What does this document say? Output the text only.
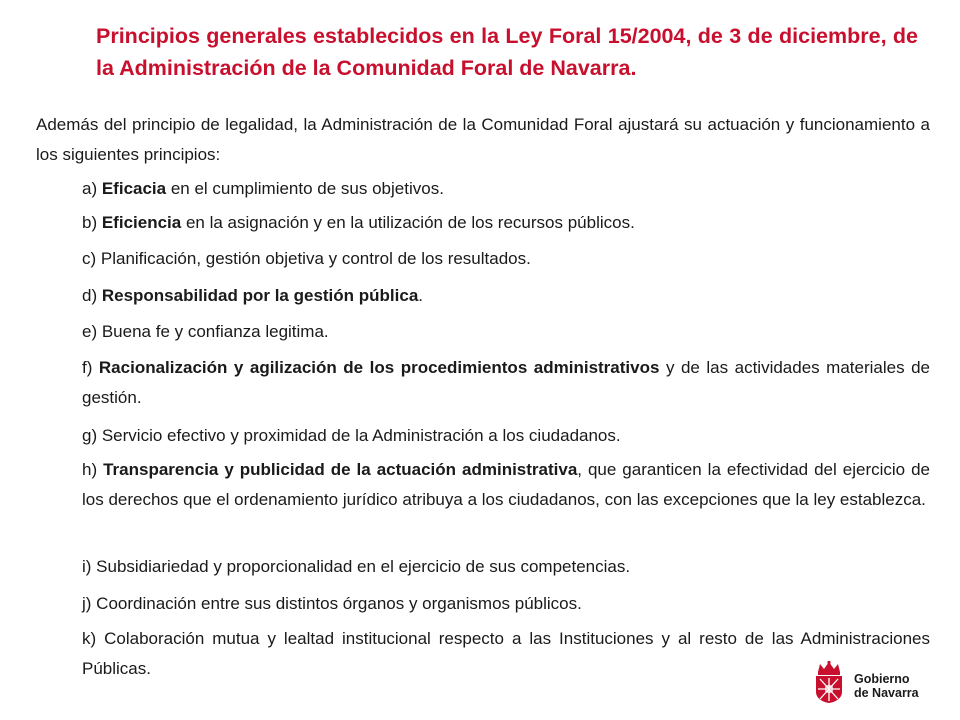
Principios generales establecidos en la Ley Foral 15/2004, de 3 de diciembre, de la Administración de la Comunidad Foral de Navarra.

Además del principio de legalidad, la Administración de la Comunidad Foral ajustará su actuación y funcionamiento a los siguientes principios:

a) Eficacia en el cumplimiento de sus objetivos.

b) Eficiencia en la asignación y en la utilización de los recursos públicos.

c) Planificación, gestión objetiva y control de los resultados.

d) Responsabilidad por la gestión pública.

e) Buena fe y confianza legitima.

f) Racionalización y agilización de los procedimientos administrativos y de las actividades materiales de gestión.

g) Servicio efectivo y proximidad de la Administración a los ciudadanos.

h) Transparencia y publicidad de la actuación administrativa, que garanticen la efectividad del ejercicio de los derechos que el ordenamiento jurídico atribuya a los ciudadanos, con las excepciones que la ley establezca.

i) Subsidiariedad y proporcionalidad en el ejercicio de sus competencias.

j) Coordinación entre sus distintos órganos y organismos públicos.

k) Colaboración mutua y lealtad institucional respecto a las Instituciones y al resto de las Administraciones Públicas.

Gobierno
de Navarra
